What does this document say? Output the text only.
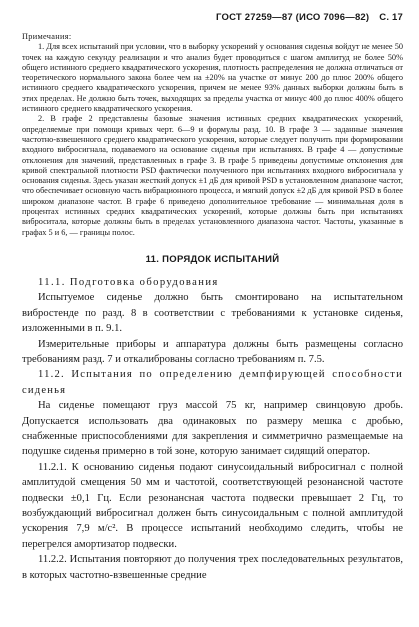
ГОСТ 27259—87 (ИСО 7096—82) С. 17

Примечания:

1. Для всех испытаний при условии, что в выборку ускорений у основания сиденья войдут не менее 50 точек на каждую секунду реализации и что анализ будет проводиться с шагом амплитуд не более 50% общего истинного среднего квадратического ускорения, плотность распределения не должна отличаться от теоретического нормального закона более чем на ±20% на участке от минус 200 до плюс 200% общего истинного среднего квадратического ускорения, причем не менее 93% данных выборки должны быть в этих пределах. Не должно быть точек, выходящих за пределы участка от минус 400 до плюс 400% общего истинного среднего квадратического ускорения.

2. В графе 2 представлены базовые значения истинных средних квадратических ускорений, определяемые при помощи кривых черт. 6—9 и формулы разд. 10. В графе 3 — заданные значения частотно-взвешенного среднего квадратического ускорения, которые следует получить при формировании входного вибросигнала, подаваемого на основание сиденья при испытаниях. В графе 4 — допустимые отклонения для значений, представленных в графе 3. В графе 5 приведены допустимые отклонения для кривой спектральной плотности PSD фактически полученного при испытаниях входного вибросигнала у основания сиденья. Здесь указан жесткий допуск ±1 дБ для кривой PSD в установленном диапазоне частот, что обеспечивает основную часть вибрационного процесса, и мягкий допуск ±2 дБ для кривой PSD в более широком диапазоне частот. В графе 6 приведено дополнительное требование — минимальная доля в процентах истинных средних квадратических ускорений, которые должны быть при испытаниях виброситала, которые должны быть в пределах установленного диапазона частот. Частоты, указанные в графах 5 и 6, — границы полос.

11. ПОРЯДОК ИСПЫТАНИЙ

11.1. Подготовка оборудования

Испытуемое сиденье должно быть смонтировано на испытательном вибростенде по разд. 8 в соответствии с требованиями к установке сиденья, изложенными в п. 9.1.

Измерительные приборы и аппаратура должны быть размещены согласно требованиям разд. 7 и откалиброваны согласно требованиям п. 7.5.

11.2. Испытания по определению демпфирующей способности сиденья

На сиденье помещают груз массой 75 кг, например свинцовую дробь. Допускается использовать два одинаковых по размеру мешка с дробью, снабженные приспособлениями для закрепления и симметрично размещаемые на подушке сиденья примерно в той зоне, которую занимает сидящий оператор.

11.2.1. К основанию сиденья подают синусоидальный вибросигнал с полной амплитудой смещения 50 мм и частотой, соответствующей резонансной частоте подвески ±0,1 Гц. Если резонансная частота подвески превышает 2 Гц, то возбуждающий вибросигнал должен быть синусоидальным с полной амплитудой ускорения 7,9 м/с². В процессе испытаний необходимо следить, чтобы не перегрелся амортизатор подвески.

11.2.2. Испытания повторяют до получения трех последовательных результатов, в которых частотно-взвешенные средние
